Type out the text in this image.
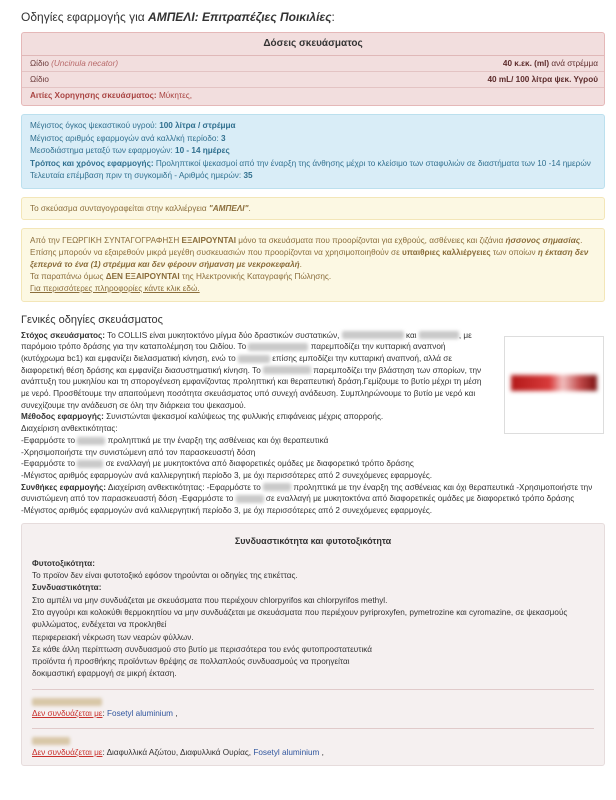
Οδηγίες εφαρμογής για ΑΜΠΕΛΙ: Επιτραπέζιες Ποικιλίες:
Δόσεις σκευάσματος
Ωίδιο (Uncinula necator)	40 κ.εκ. (ml) ανά στρέμμα
Ωίδιο	40 mL/ 100 λίτρα ψεκ. Υγρού
Αιτίες Χορηγησης σκευάσματος: Μύκητες,
Μέγιστος όγκος ψεκαστικού υγρού: 100 λίτρα / στρέμμα
Μέγιστος αριθμός εφαρμογών ανά καλλ/κή περίοδο: 3
Μεσοδιάστημα μεταξύ των εφαρμογών: 10 - 14 ημέρες
Τρόπος και χρόνος εφαρμογής: Προληπτικοί ψεκασμοί από την έναρξη της άνθησης μέχρι το κλείσιμο των σταφυλιών σε διαστήματα των 10 -14 ημερών
Τελευταία επέμβαση πριν τη συγκομιδή - Αριθμός ημερών: 35
Το σκεύασμα συνταγογραφείται στην καλλιέργεια "ΑΜΠΕΛΙ".
Από την ΓΕΩΡΓΙΚΗ ΣΥΝΤΑΓΟΓΡΑΦΗΣΗ ΕΞΑΙΡΟΥΝΤΑΙ μόνο τα σκευάσματα που προορίζονται για εχθρούς, ασθένειες και ζιζάνια ήσσονος σημασίας.
Επίσης μπορούν να εξαιρεθούν μικρά μεγέθη συσκευασιών που προορίζονται να χρησιμοποιηθούν σε υπαιθριες καλλιέργειες των οποίων η έκταση δεν ξεπερνά το ένα (1) στρέμμα και δεν φέρουν σήμανση με νεκροκεφαλή.
Τα παραπάνω όμως ΔΕΝ ΕΞΑΙΡΟΥΝΤΑΙ της Ηλεκτρονικής Καταγραφής Πώλησης.
Για περισσότερες πληροφορίες κάντε κλικ εδώ.
Γενικές οδηγίες σκευάσματος
Στόχος σκευάσματος: Το COLLIS είναι μυκητοκτόνο μίγμα δύο δραστικών συστατικών,	και	, με παρόμοιο τρόπο δράσης για την καταπολέμηση του Ωιδίου. Το	παρεμποδίζει την κυτταρική αναπνοή (κυτόχρωμα bc1) και εμφανίζει διελασματική κίνηση, ενώ το	επίσης εμποδίζει την κυτταρική αναπνοή, αλλά σε διαφορετική θέση δράσης και εμφανίζει διασυστηματική κίνηση. Το	παρεμποδίζει την βλάστηση των σπορίων, την ανάπτυξη του μυκηλίου και τη σπορογένεση εμφανίζοντας προληπτική και θεραπευτική δράση.Γεμίζουμε το βυτίο μέχρι τη μέση με νερό. Προσθέτουμε την απαιτούμενη ποσότητα σκευάσματος υπό συνεχή ανάδευση. Συμπληρώνουμε το βυτίο με νερό και συνεχίζουμε την ανάδευση σε όλη την διάρκεια του ψεκασμού.
Μέθοδος εφαρμογής: Συνιστώνται ψεκασμοί καλύψεως της φυλλικής επιφάνειας μέχρις απορροής.
Διαχείριση ανθεκτικότητας:
-Εφαρμόστε το	προληπτικά με την έναρξη της ασθένειας και όχι θεραπευτικά
-Χρησιμοποιήστε την συνιστώμενη από τον παρασκευαστή δόση
-Εφαρμόστε το	σε εναλλαγή με μυκητοκτόνα από διαφορετικές ομάδες με διαφορετικό τρόπο δράσης
-Μέγιστος αριθμός εφαρμογών ανά καλλιεργητική περίοδο 3, με όχι περισσότερες από 2 συνεχόμενες εφαρμογές.
Συνθήκες εφαρμογής: Διαχείριση ανθεκτικότητας: -Εφαρμόστε το	προληπτικά με την έναρξη της ασθένειας και όχι θεραπευτικά -Χρησιμοποιήστε την συνιστώμενη από τον παρασκευαστή δόση -Εφαρμόστε το	σε εναλλαγή με μυκητοκτόνα από διαφορετικές ομάδες με διαφορετικό τρόπο δράσης -Μέγιστος αριθμός εφαρμογών ανά καλλιεργητική περίοδο 3, με όχι περισσότερες από 2 συνεχόμενες εφαρμογές.
Συνδυαστικότητα και φυτοτοξικότητα
Φυτοτοξικότητα:
Το προϊον δεν είναι φυτοτοξικό εφόσον τηρούνται οι οδηγίες της ετικέττας.
Συνδυαστικότητα:
Στο αμπέλι να μην συνδυάζεται με σκευάσματα που περιέχουν chlorpyrifos και chlorpyrifos methyl.
Στο αγγούρι και κολοκύθι θερμοκηπίου να μην συνδυάζεται με σκευάσματα που περιέχουν pyriproxyfen, pymetrozine και cyromazine, σε ψεκασμούς φυλλώματος, ενδέχεται να προκληθεί
περιφερειακή νέκρωση των νεαρών φύλλων.
Σε κάθε άλλη περίπτωση συνδυασμού στο βυτίο με περισσότερα του ενός φυτοπροστατευτικά
προϊόντα ή προσθήκης προϊόντων θρέψης σε πολλαπλούς συνδυασμούς να προηγείται
δοκιμαστική εφαρμογή σε μικρή έκταση.
Δεν συνδυάζεται με: Fosetyl aluminium ,
Δεν συνδυάζεται με: Διαφυλλικά Αζώτου, Διαφυλλικά Ουρίας, Fosetyl aluminium ,
